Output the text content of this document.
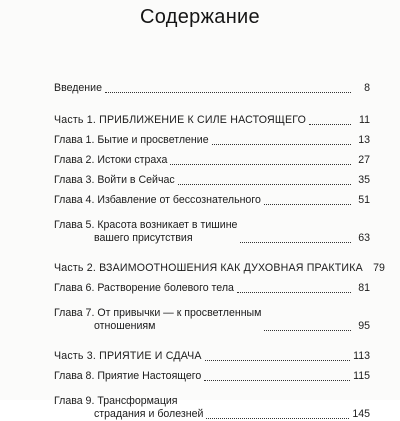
Содержание
Введение	8
Часть 1. ПРИБЛИЖЕНИЕ К СИЛЕ НАСТОЯЩЕГО	11
Глава 1. Бытие и просветление	13
Глава 2. Истоки страха	27
Глава 3. Войти в Сейчас	35
Глава 4. Избавление от бессознательного	51
Глава 5. Красота возникает в тишине
вашего присутствия	63
Часть 2. ВЗАИМООТНОШЕНИЯ КАК ДУХОВНАЯ ПРАКТИКА 79
Глава 6. Растворение болевого тела	81
Глава 7. От привычки — к просветленным
отношениям	95
Часть 3. ПРИЯТИЕ И СДАЧА	113
Глава 8. Приятие Настоящего	115
Глава 9. Трансформация
страдания и болезней	145
